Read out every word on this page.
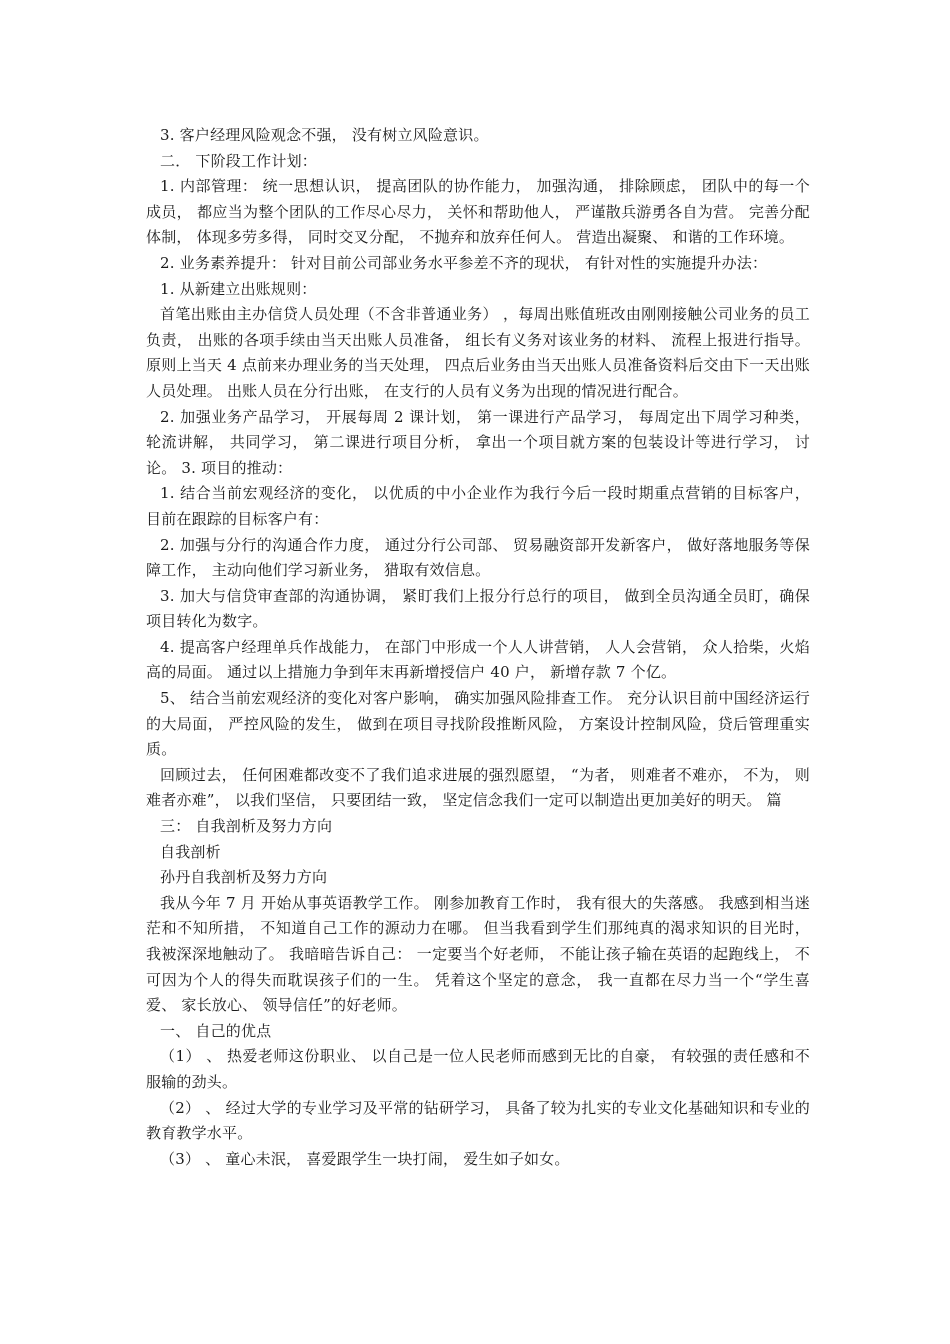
3. 客户经理风险观念不强， 没有树立风险意识。

二． 下阶段工作计划：

1. 内部管理： 统一思想认识， 提高团队的协作能力， 加强沟通， 排除顾虑， 团队中的每一个成员， 都应当为整个团队的工作尽心尽力， 关怀和帮助他人， 严谨散兵游勇各自为营。 完善分配体制， 体现多劳多得， 同时交叉分配， 不抛弃和放弃任何人。 营造出凝聚、 和谐的工作环境。

2. 业务素养提升： 针对目前公司部业务水平参差不齐的现状， 有针对性的实施提升办法：

1. 从新建立出账规则：

首笔出账由主办信贷人员处理（不含非普通业务） ，每周出账值班改由刚刚接触公司业务的员工负责， 出账的各项手续由当天出账人员准备， 组长有义务对该业务的材料、 流程上报进行指导。 原则上当天 4 点前来办理业务的当天处理， 四点后业务由当天出账人员准备资料后交由下一天出账人员处理。 出账人员在分行出账， 在支行的人员有义务为出现的情况进行配合。

2. 加强业务产品学习， 开展每周 2 课计划， 第一课进行产品学习， 每周定出下周学习种类， 轮流讲解， 共同学习， 第二课进行项目分析， 拿出一个项目就方案的包装设计等进行学习， 讨论。 3. 项目的推动：

1. 结合当前宏观经济的变化， 以优质的中小企业作为我行今后一段时期重点营销的目标客户， 目前在跟踪的目标客户有：

2. 加强与分行的沟通合作力度， 通过分行公司部、 贸易融资部开发新客户， 做好落地服务等保障工作， 主动向他们学习新业务， 猎取有效信息。

3. 加大与信贷审查部的沟通协调， 紧盯我们上报分行总行的项目， 做到全员沟通全员盯，确保项目转化为数字。

4. 提高客户经理单兵作战能力， 在部门中形成一个人人讲营销， 人人会营销， 众人拾柴，火焰高的局面。 通过以上措施力争到年末再新增授信户 40 户， 新增存款 7 个亿。

5、 结合当前宏观经济的变化对客户影响， 确实加强风险排查工作。 充分认识目前中国经济运行的大局面， 严控风险的发生， 做到在项目寻找阶段推断风险， 方案设计控制风险，贷后管理重实质。

回顾过去， 任何困难都改变不了我们追求进展的强烈愿望， “为者， 则难者不难亦， 不为， 则难者亦难”， 以我们坚信， 只要团结一致， 坚定信念我们一定可以制造出更加美好的明天。 篇

三： 自我剖析及努力方向

自我剖析

孙丹自我剖析及努力方向

我从今年 7 月 开始从事英语教学工作。 刚参加教育工作时， 我有很大的失落感。 我感到相当迷茫和不知所措， 不知道自己工作的源动力在哪。 但当我看到学生们那纯真的渴求知识的目光时， 我被深深地触动了。 我暗暗告诉自己： 一定要当个好老师， 不能让孩子输在英语的起跑线上， 不可因为个人的得失而耽误孩子们的一生。 凭着这个坚定的意念， 我一直都在尽力当一个“学生喜爱、 家长放心、 领导信任”的好老师。

一、 自己的优点

（1） 、 热爱老师这份职业、 以自己是一位人民老师而感到无比的自豪， 有较强的责任感和不服输的劲头。

（2） 、 经过大学的专业学习及平常的钻研学习， 具备了较为扎实的专业文化基础知识和专业的教育教学水平。

（3） 、 童心未泯， 喜爱跟学生一块打闹， 爱生如子如女。
